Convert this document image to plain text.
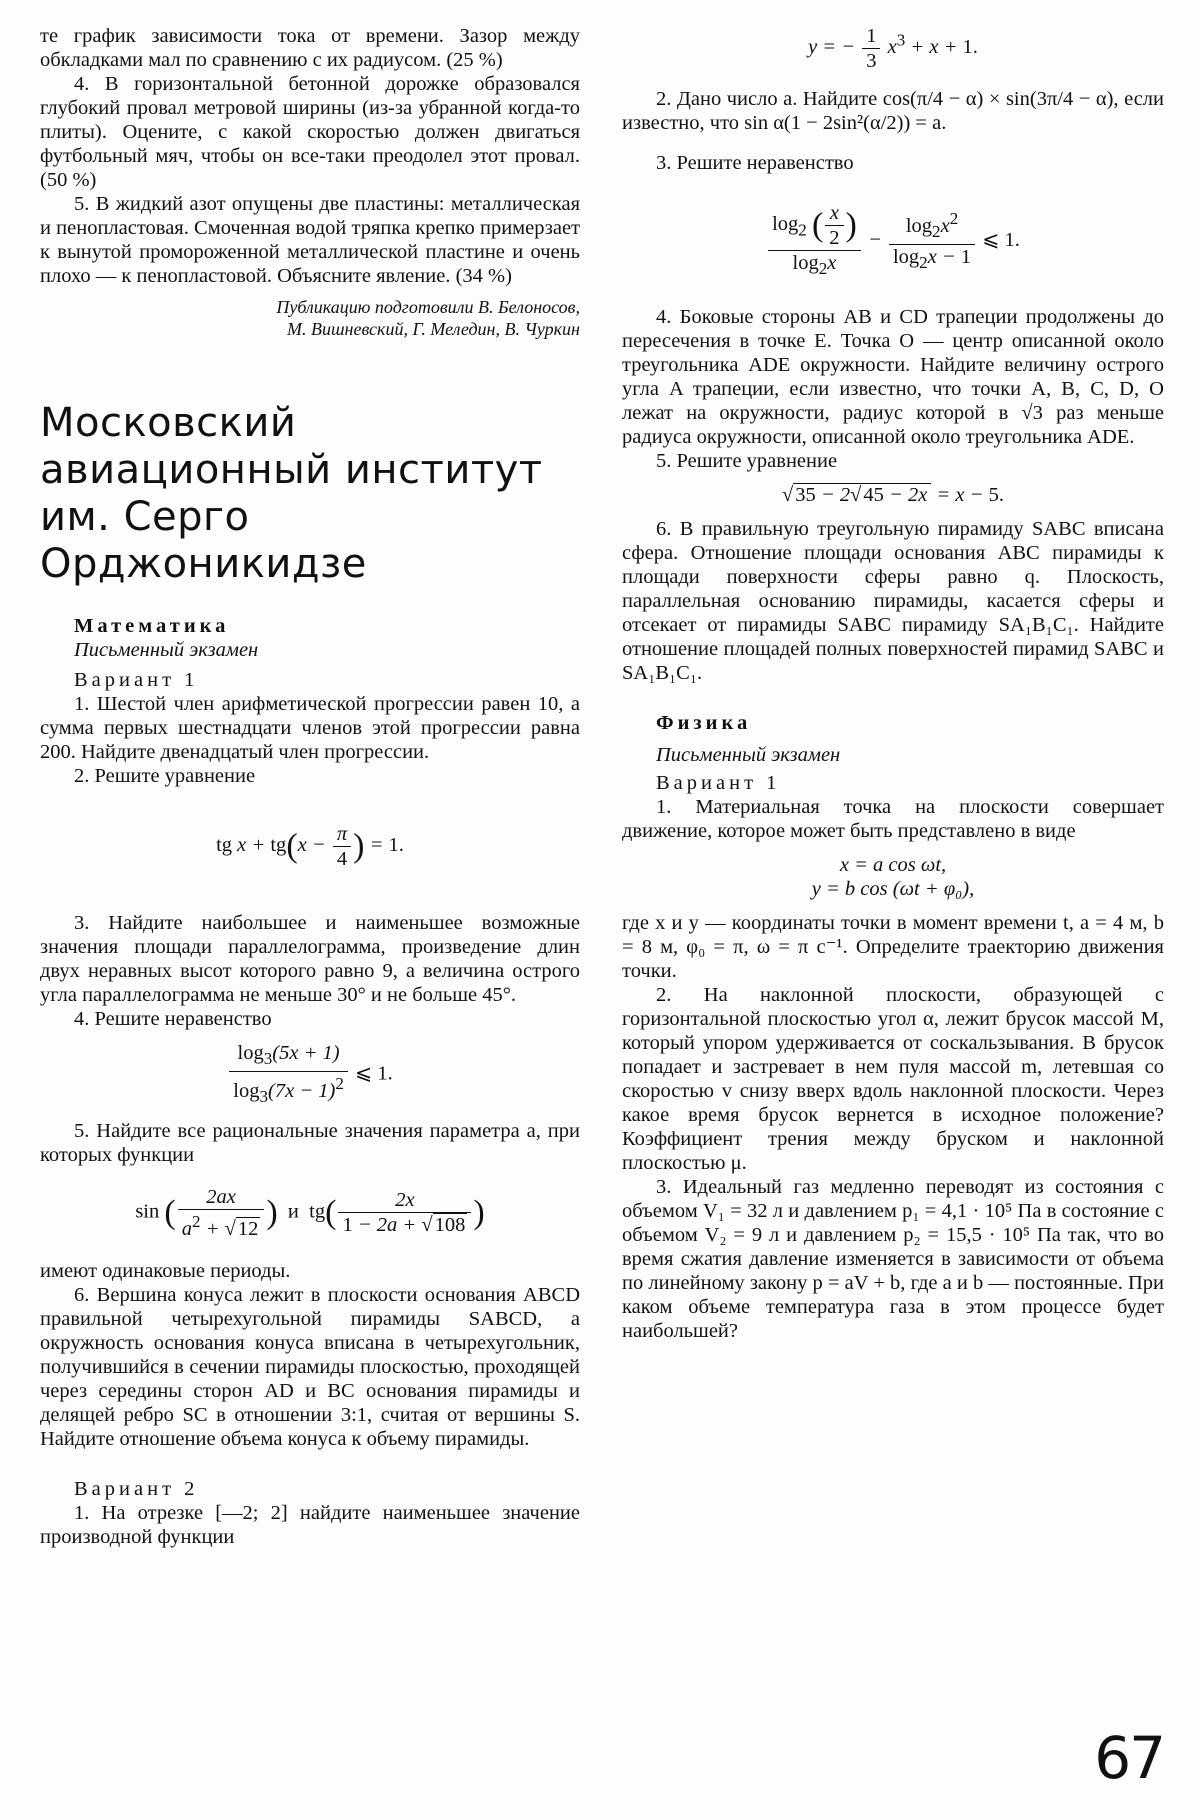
те график зависимости тока от времени. Зазор между обкладками мал по сравнению с их радиусом. (25 %)

4. В горизонтальной бетонной дорожке образовался глубокий провал метровой ширины (из-за убранной когда-то плиты). Оцените, с какой скоростью должен двигаться футбольный мяч, чтобы он все-таки преодолел этот провал. (50 %)

5. В жидкий азот опущены две пластины: металлическая и пенопластовая. Смоченная водой тряпка крепко примерзает к вынутой промороженной металлической пластине и очень плохо — к пенопластовой. Объясните явление. (34 %)

Публикацию подготовили В. Белоносов,

М. Вишневский, Г. Меледин, В. Чуркин

Московский авиационный институт им. Серго Орджоникидзе

Математика

Письменный экзамен

Вариант 1

1. Шестой член арифметической прогрессии равен 10, а сумма первых шестнадцати членов этой прогрессии равна 200. Найдите двенадцатый член прогрессии.

2. Решите уравнение

tg $x + tg(x - \frac{\pi}{4}$ ) = 1.

3. Найдите наибольшее и наименьшее возможные значения площади параллелограмма, произведение длин двух неравных высот которого равно 9, а величина острого угла параллелограмма не меньше 30° и не больше 45°.

4. Решите неравенство

$\frac{\log_3(5x + 1)}{\log_3(7x - 1)^2}$ ⩽ 1.

5. Найдите все рациональные значения параметра a, при которых функции

sin ( $\frac{2ax}{a^2 + √12}$ )  и  $tg( \frac{2x}{1 - 2a + √108}$ )

имеют одинаковые периоды.

6. Вершина конуса лежит в плоскости основания ABCD правильной четырехугольной пирамиды SABCD, а окружность основания конуса вписана в четырехугольник, получившийся в сечении пирамиды плоскостью, проходящей через середины сторон AD и BC основания пирамиды и делящей ребро SC в отношении 3:1, считая от вершины S. Найдите отношение объема конуса к объему пирамиды.

Вариант 2

1. На отрезке [—2; 2] найдите наименьшее значение производной функции

y = − $\frac{1}{3} x^3 + x + 1$.

2. Дано число a. Найдите cos(π/4 − α) × sin(3π/4 − α), если известно, что sin α(1 − 2sin²(α/2)) = a.

3. Решите неравенство

$\frac{\log_2 ( \frac{x}{2} )}{\log_2x} - \frac{\log_2x^2}{\log_2x - 1}$ ⩽ 1.

4. Боковые стороны AB и CD трапеции продолжены до пересечения в точке E. Точка O — центр описанной около треугольника ADE окружности. Найдите величину острого угла A трапеции, если известно, что точки A, B, C, D, O лежат на окружности, радиус которой в √3 раз меньше радиуса окружности, описанной около треугольника ADE.

5. Решите уравнение

√35 − 2√45 − 2x = x − 5.

6. В правильную треугольную пирамиду SABC вписана сфера. Отношение площади основания ABC пирамиды к площади поверхности сферы равно q. Плоскость, параллельная основанию пирамиды, касается сферы и отсекает от пирамиды SABC пирамиду SA₁B₁C₁. Найдите отношение площадей полных поверхностей пирамид SABC и SA₁B₁C₁.

Физика

Письменный экзамен

Вариант 1

1. Материальная точка на плоскости совершает движение, которое может быть представлено в виде

x = a cos ωt,
y = b cos (ωt + φ₀),

где x и y — координаты точки в момент времени t, a = 4 м, b = 8 м, φ₀ = π, ω = π с⁻¹. Определите траекторию движения точки.

2. На наклонной плоскости, образующей с горизонтальной плоскостью угол α, лежит брусок массой M, который упором удерживается от соскальзывания. В брусок попадает и застревает в нем пуля массой m, летевшая со скоростью v снизу вверх вдоль наклонной плоскости. Через какое время брусок вернется в исходное положение? Коэффициент трения между бруском и наклонной плоскостью μ.

3. Идеальный газ медленно переводят из состояния с объемом V₁ = 32 л и давлением p₁ = 4,1 · 10⁵ Па в состояние с объемом V₂ = 9 л и давлением p₂ = 15,5 · 10⁵ Па так, что во время сжатия давление изменяется в зависимости от объема по линейному закону p = aV + b, где a и b — постоянные. При каком объеме температура газа в этом процессе будет наибольшей?

67
